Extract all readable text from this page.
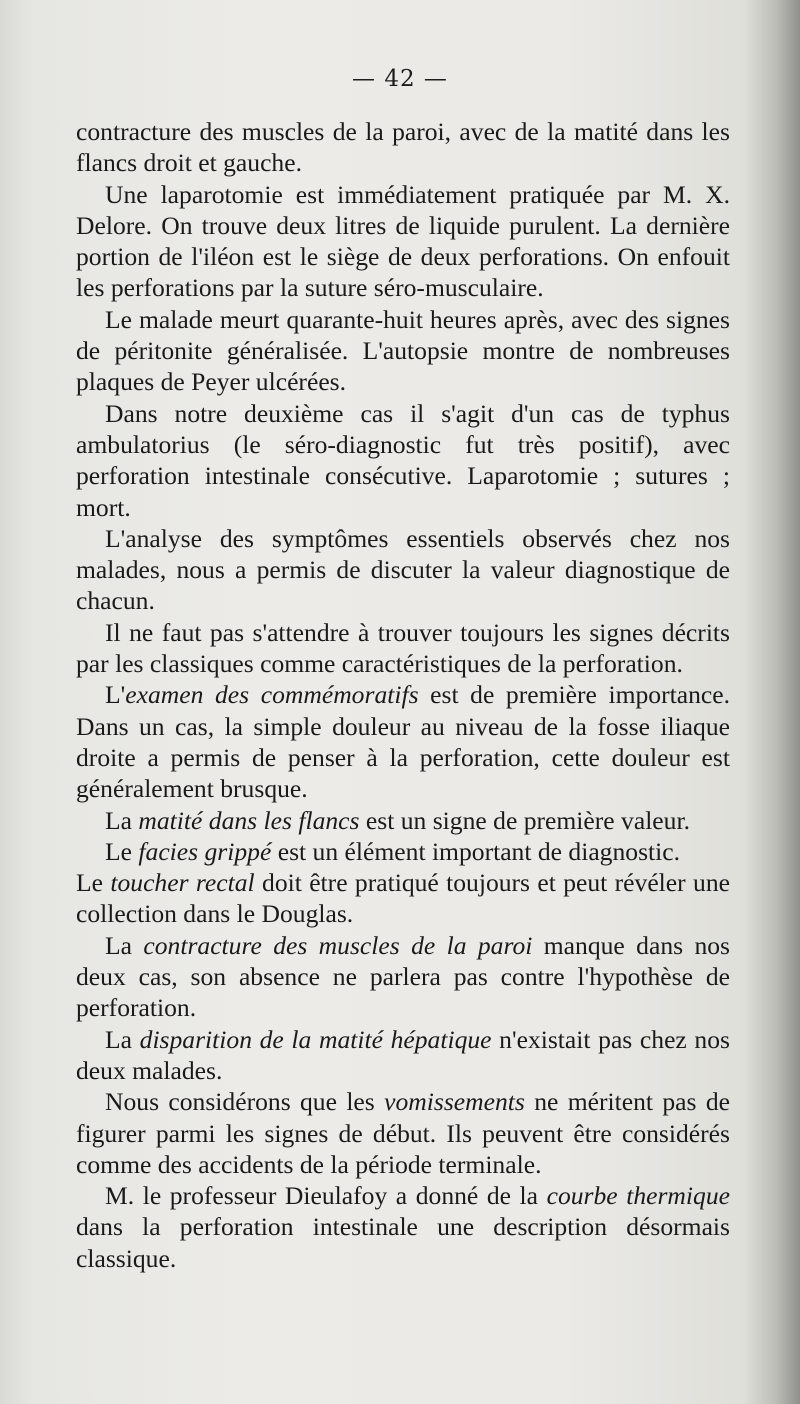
— 42 —

contracture des muscles de la paroi, avec de la matité dans les flancs droit et gauche.

Une laparotomie est immédiatement pratiquée par M. X. Delore. On trouve deux litres de liquide purulent. La dernière portion de l'iléon est le siège de deux perforations. On enfouit les perforations par la suture séro-musculaire.

Le malade meurt quarante-huit heures après, avec des signes de péritonite généralisée. L'autopsie montre de nombreuses plaques de Peyer ulcérées.

Dans notre deuxième cas il s'agit d'un cas de typhus ambulatorius (le séro-diagnostic fut très positif), avec perforation intestinale consécutive. Laparotomie ; sutures ; mort.

L'analyse des symptômes essentiels observés chez nos malades, nous a permis de discuter la valeur diagnostique de chacun.

Il ne faut pas s'attendre à trouver toujours les signes décrits par les classiques comme caractéristiques de la perforation.

L'examen des commémoratifs est de première importance. Dans un cas, la simple douleur au niveau de la fosse iliaque droite a permis de penser à la perforation, cette douleur est généralement brusque.

La matité dans les flancs est un signe de première valeur.

Le facies grippé est un élément important de diagnostic.

Le toucher rectal doit être pratiqué toujours et peut révéler une collection dans le Douglas.

La contracture des muscles de la paroi manque dans nos deux cas, son absence ne parlera pas contre l'hypothèse de perforation.

La disparition de la matité hépatique n'existait pas chez nos deux malades.

Nous considérons que les vomissements ne méritent pas de figurer parmi les signes de début. Ils peuvent être considérés comme des accidents de la période terminale.

M. le professeur Dieulafoy a donné de la courbe thermique dans la perforation intestinale une description désormais classique.
